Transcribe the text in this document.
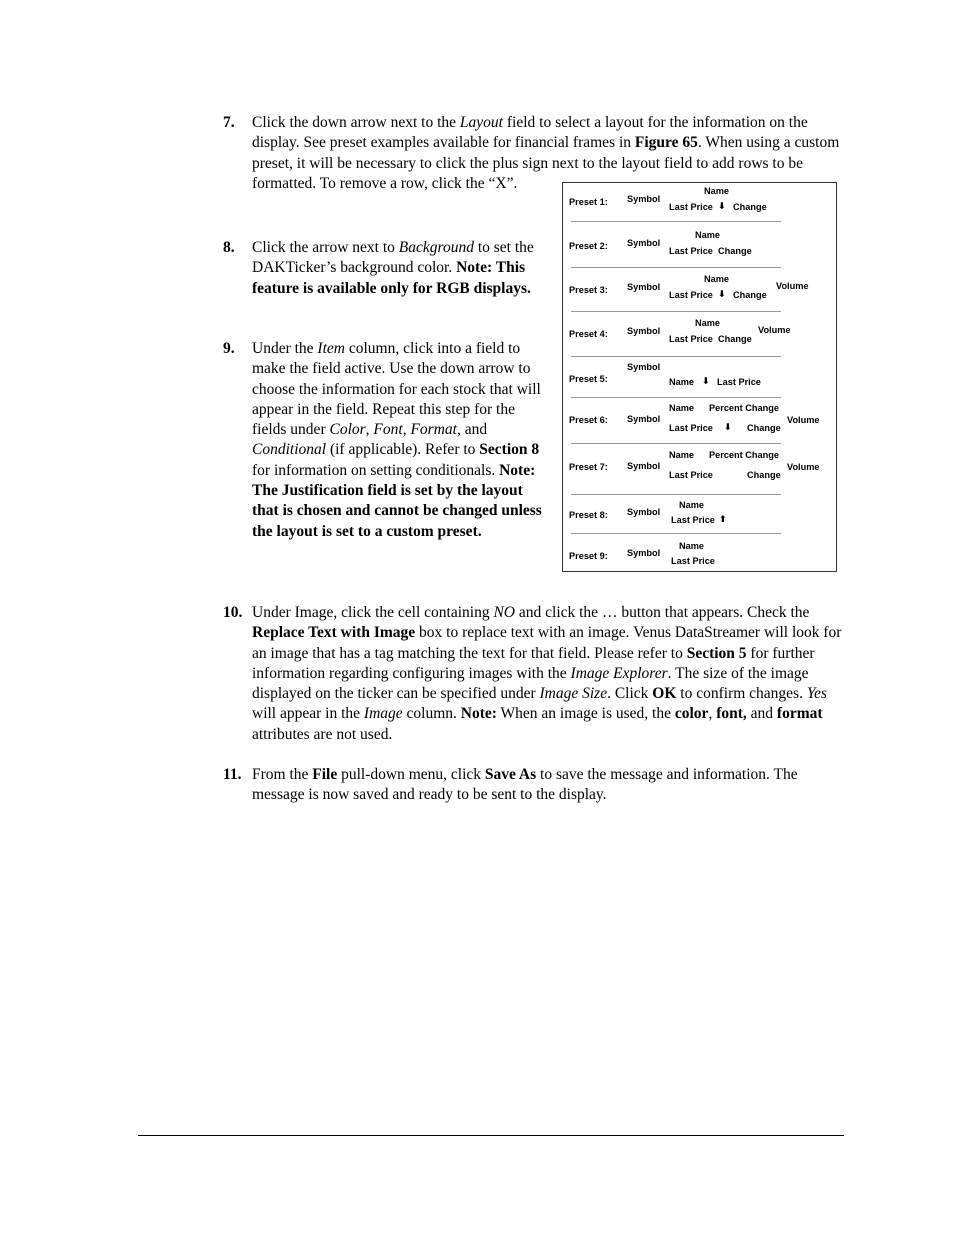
7. Click the down arrow next to the Layout field to select a layout for the information on the display. See preset examples available for financial frames in Figure 65. When using a custom preset, it will be necessary to click the plus sign next to the layout field to add rows to be formatted. To remove a row, click the “X”.
8. Click the arrow next to Background to set the DAKTicker’s background color. Note: This feature is available only for RGB displays.
9. Under the Item column, click into a field to make the field active. Use the down arrow to choose the information for each stock that will appear in the field. Repeat this step for the fields under Color, Font, Format, and Conditional (if applicable). Refer to Section 8 for information on setting conditionals. Note: The Justification field is set by the layout that is chosen and cannot be changed unless the layout is set to a custom preset.
10. Under Image, click the cell containing NO and click the … button that appears. Check the Replace Text with Image box to replace text with an image. Venus DataStreamer will look for an image that has a tag matching the text for that field. Please refer to Section 5 for further information regarding configuring images with the Image Explorer. The size of the image displayed on the ticker can be specified under Image Size. Click OK to confirm changes. Yes will appear in the Image column. Note: When an image is used, the color, font, and format attributes are not used.
11. From the File pull-down menu, click Save As to save the message and information. The message is now saved and ready to be sent to the display.
Preset 1: Symbol
Name
Last Price ⬇ Change
Preset 2: Symbol
Name
Last Price Change
Preset 3: Symbol
Name
Last Price ⬇ Change
Volume
Preset 4: Symbol
Name
Last Price Change
Volume
Preset 5:
Symbol
Name ⬇ Last Price
Preset 6: Symbol
Name Percent Change
Last Price ⬇	Change
Volume
Preset 7: Symbol
Name Percent Change
Last Price	Change
Volume
Preset 8: Symbol
Name
Last Price
⬆
Preset 9: Symbol
Name
Last Price
